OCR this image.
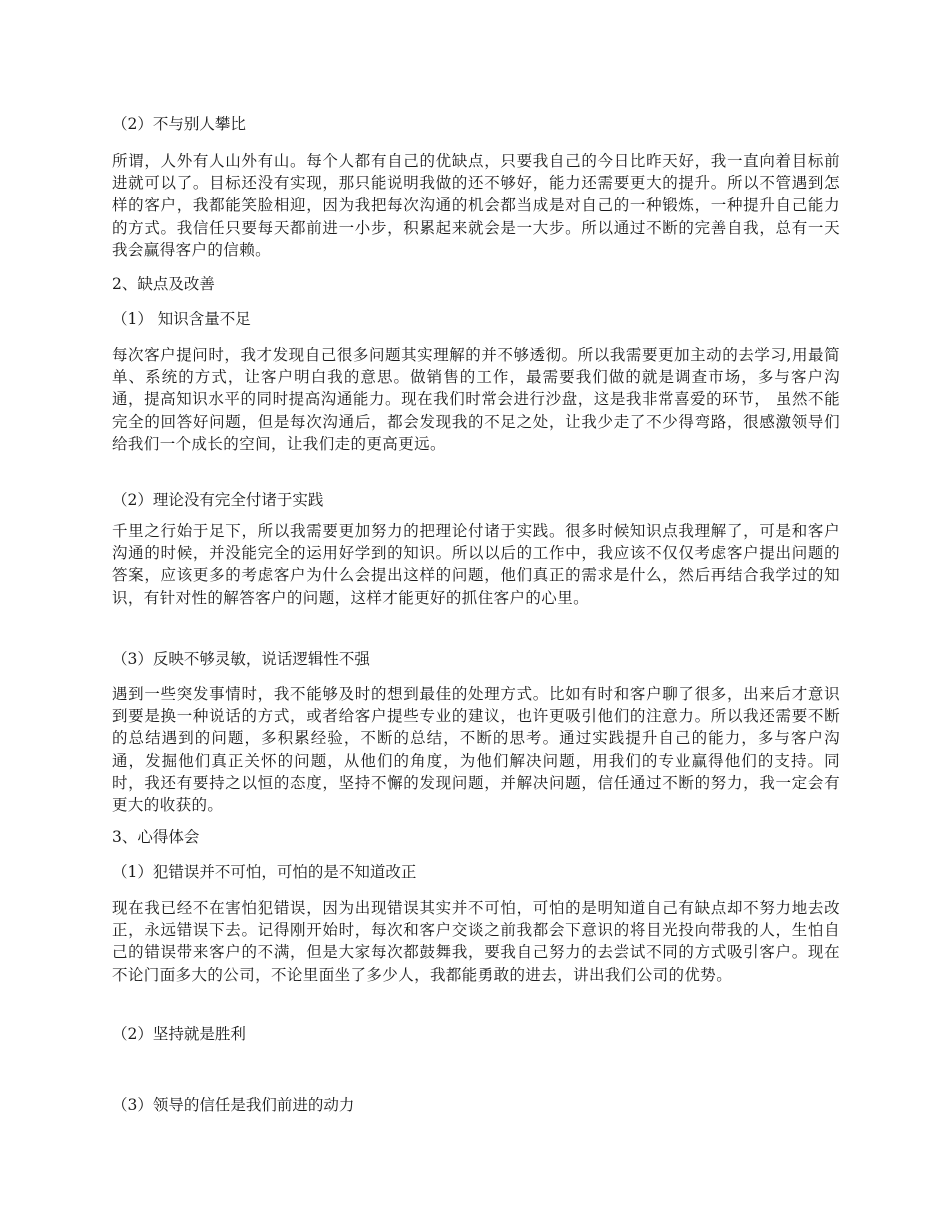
（2）不与别人攀比
所谓，人外有人山外有山。每个人都有自己的优缺点，只要我自己的今日比昨天好，我一直向着目标前进就可以了。目标还没有实现，那只能说明我做的还不够好，能力还需要更大的提升。所以不管遇到怎样的客户，我都能笑脸相迎，因为我把每次沟通的机会都当成是对自己的一种锻炼，一种提升自己能力的方式。我信任只要每天都前进一小步，积累起来就会是一大步。所以通过不断的完善自我，总有一天我会赢得客户的信赖。
2、缺点及改善
（1） 知识含量不足
每次客户提问时，我才发现自己很多问题其实理解的并不够透彻。所以我需要更加主动的去学习,用最简单、系统的方式，让客户明白我的意思。做销售的工作，最需要我们做的就是调查市场，多与客户沟通，提高知识水平的同时提高沟通能力。现在我们时常会进行沙盘，这是我非常喜爱的环节， 虽然不能完全的回答好问题，但是每次沟通后，都会发现我的不足之处，让我少走了不少得弯路，很感激领导们给我们一个成长的空间，让我们走的更高更远。
（2）理论没有完全付诸于实践
千里之行始于足下，所以我需要更加努力的把理论付诸于实践。很多时候知识点我理解了，可是和客户沟通的时候，并没能完全的运用好学到的知识。所以以后的工作中，我应该不仅仅考虑客户提出问题的答案，应该更多的考虑客户为什么会提出这样的问题，他们真正的需求是什么，然后再结合我学过的知识，有针对性的解答客户的问题，这样才能更好的抓住客户的心里。
（3）反映不够灵敏，说话逻辑性不强
遇到一些突发事情时，我不能够及时的想到最佳的处理方式。比如有时和客户聊了很多，出来后才意识到要是换一种说话的方式，或者给客户提些专业的建议，也许更吸引他们的注意力。所以我还需要不断的总结遇到的问题，多积累经验，不断的总结，不断的思考。通过实践提升自己的能力，多与客户沟通，发掘他们真正关怀的问题，从他们的角度，为他们解决问题，用我们的专业赢得他们的支持。同时，我还有要持之以恒的态度，坚持不懈的发现问题，并解决问题，信任通过不断的努力，我一定会有更大的收获的。
3、心得体会
（1）犯错误并不可怕，可怕的是不知道改正
现在我已经不在害怕犯错误，因为出现错误其实并不可怕，可怕的是明知道自己有缺点却不努力地去改正，永远错误下去。记得刚开始时，每次和客户交谈之前我都会下意识的将目光投向带我的人，生怕自己的错误带来客户的不满，但是大家每次都鼓舞我，要我自己努力的去尝试不同的方式吸引客户。现在不论门面多大的公司，不论里面坐了多少人，我都能勇敢的进去，讲出我们公司的优势。
（2）坚持就是胜利
（3）领导的信任是我们前进的动力
